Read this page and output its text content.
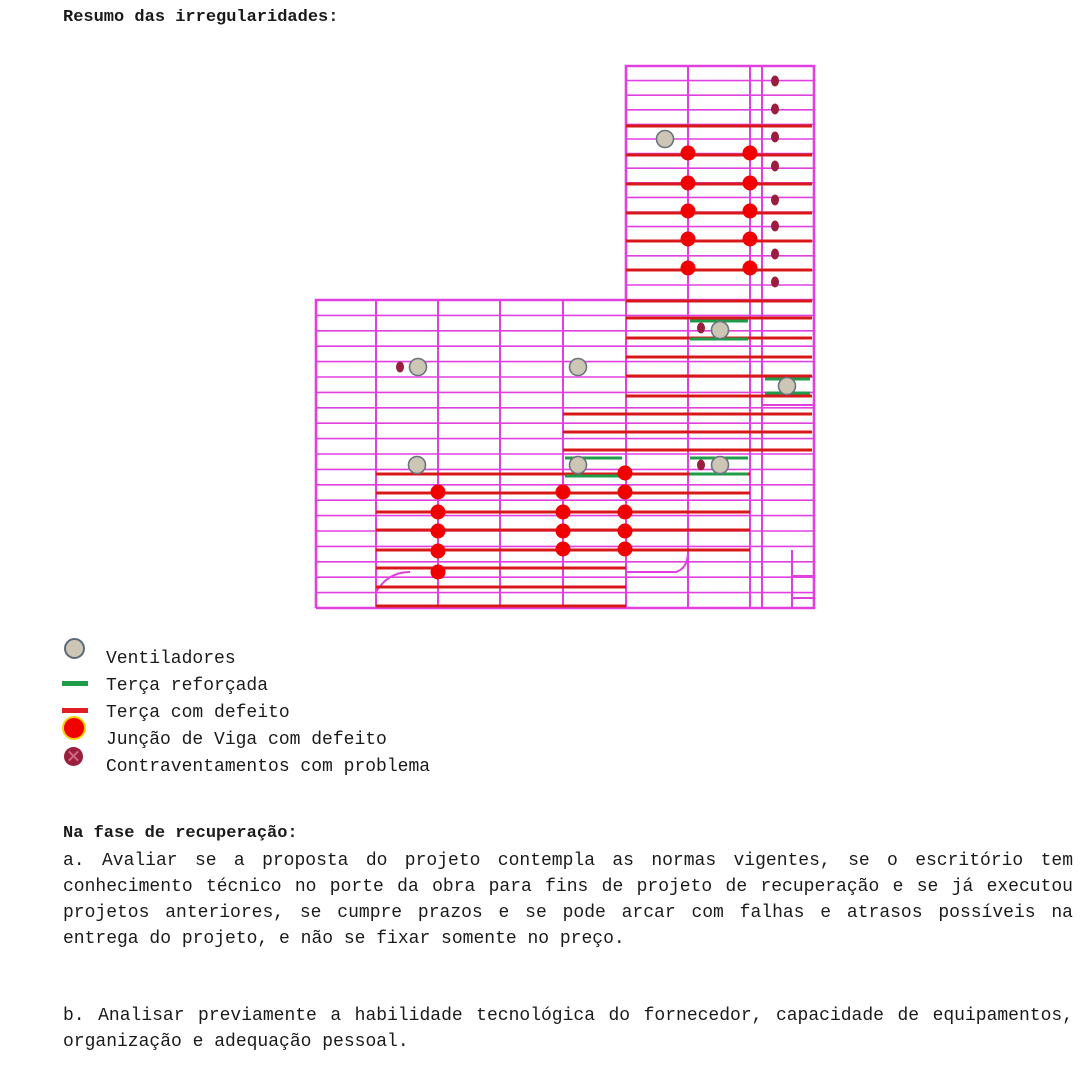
Resumo das irregularidades:
Ventiladores
Terça reforçada
Terça com defeito
Junção de Viga com defeito
Contraventamentos com problema
Na fase de recuperação:

a. Avaliar se a proposta do projeto contempla as normas vigentes, se o escritório tem conhecimento técnico no porte da obra para fins de projeto de recuperação e se já executou projetos anteriores, se cumpre prazos e se pode arcar com falhas e atrasos possíveis na entrega do projeto, e não se fixar somente no preço.

b. Analisar previamente a habilidade tecnológica do fornecedor, capacidade de equipamentos, organização e adequação pessoal.
